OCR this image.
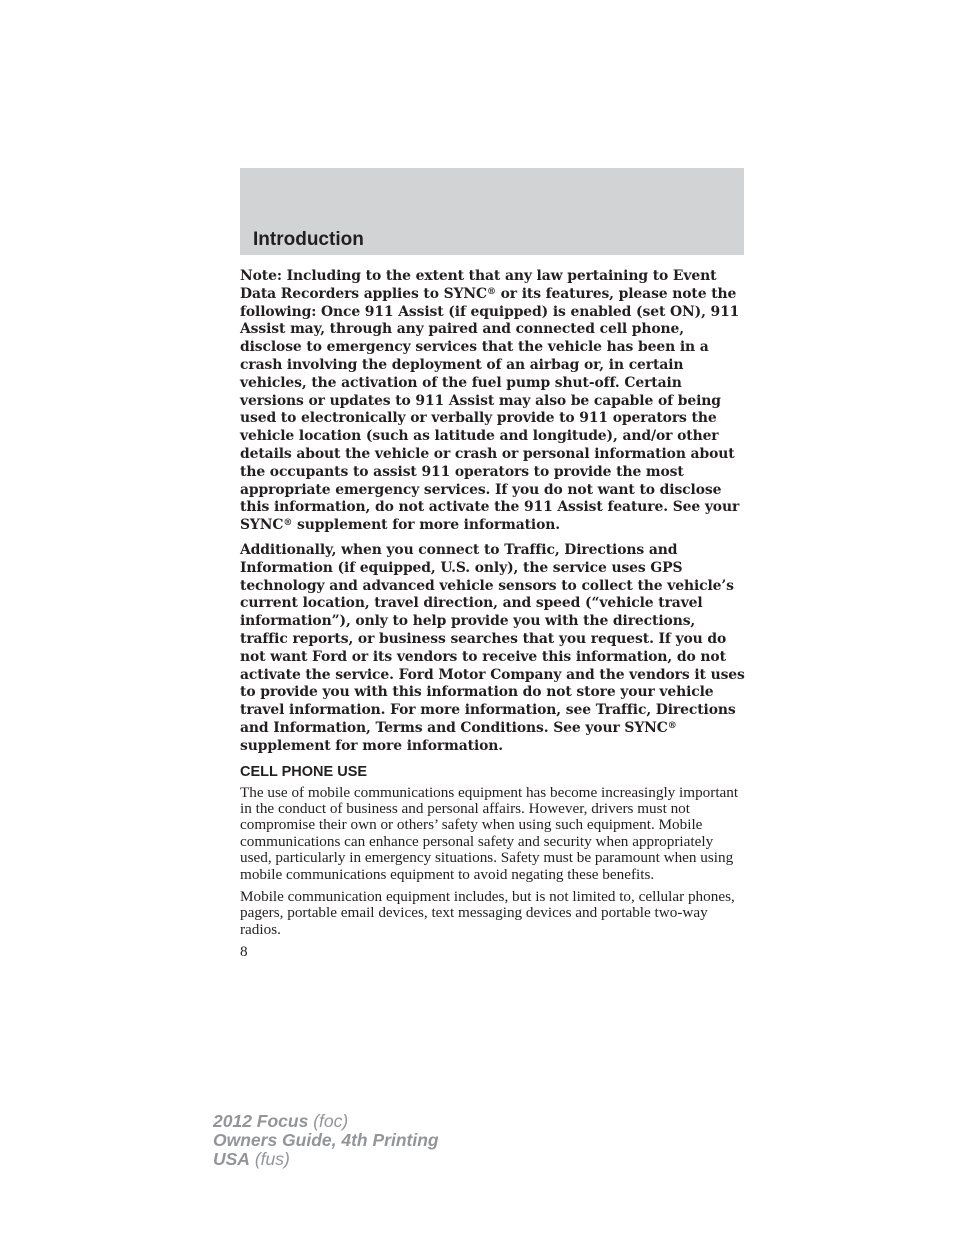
Introduction

Note: Including to the extent that any law pertaining to Event Data Recorders applies to SYNC® or its features, please note the following: Once 911 Assist (if equipped) is enabled (set ON), 911 Assist may, through any paired and connected cell phone, disclose to emergency services that the vehicle has been in a crash involving the deployment of an airbag or, in certain vehicles, the activation of the fuel pump shut-off. Certain versions or updates to 911 Assist may also be capable of being used to electronically or verbally provide to 911 operators the vehicle location (such as latitude and longitude), and/or other details about the vehicle or crash or personal information about the occupants to assist 911 operators to provide the most appropriate emergency services. If you do not want to disclose this information, do not activate the 911 Assist feature. See your SYNC® supplement for more information.

Additionally, when you connect to Traffic, Directions and Information (if equipped, U.S. only), the service uses GPS technology and advanced vehicle sensors to collect the vehicle’s current location, travel direction, and speed (“vehicle travel information”), only to help provide you with the directions, traffic reports, or business searches that you request. If you do not want Ford or its vendors to receive this information, do not activate the service. Ford Motor Company and the vendors it uses to provide you with this information do not store your vehicle travel information. For more information, see Traffic, Directions and Information, Terms and Conditions. See your SYNC® supplement for more information.

CELL PHONE USE

The use of mobile communications equipment has become increasingly important in the conduct of business and personal affairs. However, drivers must not compromise their own or others’ safety when using such equipment. Mobile communications can enhance personal safety and security when appropriately used, particularly in emergency situations. Safety must be paramount when using mobile communications equipment to avoid negating these benefits.

Mobile communication equipment includes, but is not limited to, cellular phones, pagers, portable email devices, text messaging devices and portable two-way radios.

8

2012 Focus (foc)
Owners Guide, 4th Printing
USA (fus)
